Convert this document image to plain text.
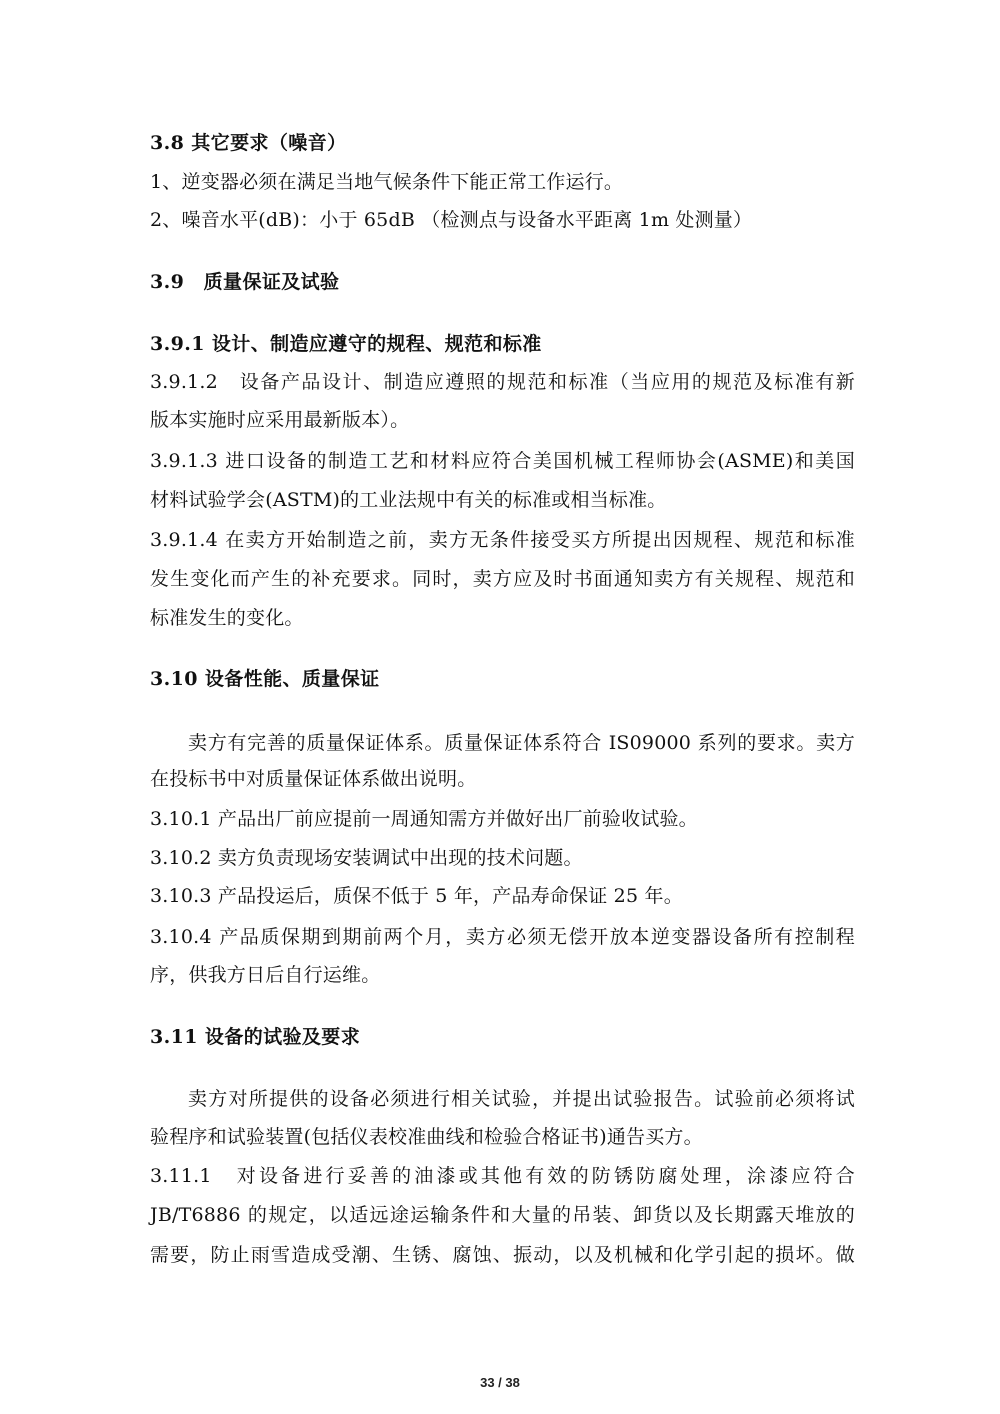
3.8 其它要求（噪音）
1、逆变器必须在满足当地气候条件下能正常工作运行。
2、噪音水平(dB)：小于 65dB （检测点与设备水平距离 1m 处测量）
3.9　质量保证及试验
3.9.1 设计、制造应遵守的规程、规范和标准
3.9.1.2　设备产品设计、制造应遵照的规范和标准（当应用的规范及标准有新
版本实施时应采用最新版本）。
3.9.1.3 进口设备的制造工艺和材料应符合美国机械工程师协会(ASME)和美国
材料试验学会(ASTM)的工业法规中有关的标准或相当标准。
3.9.1.4 在卖方开始制造之前，卖方无条件接受买方所提出因规程、规范和标准
发生变化而产生的补充要求。同时，卖方应及时书面通知卖方有关规程、规范和
标准发生的变化。
3.10 设备性能、质量保证
卖方有完善的质量保证体系。质量保证体系符合 IS09000 系列的要求。卖方
在投标书中对质量保证体系做出说明。
3.10.1 产品出厂前应提前一周通知需方并做好出厂前验收试验。
3.10.2 卖方负责现场安装调试中出现的技术问题。
3.10.3 产品投运后，质保不低于 5 年，产品寿命保证 25 年。
3.10.4 产品质保期到期前两个月，卖方必须无偿开放本逆变器设备所有控制程
序，供我方日后自行运维。
3.11 设备的试验及要求
卖方对所提供的设备必须进行相关试验，并提出试验报告。试验前必须将试
验程序和试验装置(包括仪表校准曲线和检验合格证书)通告买方。
3.11.1　对设备进行妥善的油漆或其他有效的防锈防腐处理，涂漆应符合
JB/T6886 的规定，以适远途运输条件和大量的吊装、卸货以及长期露天堆放的
需要，防止雨雪造成受潮、生锈、腐蚀、振动，以及机械和化学引起的损坏。做
33 / 38
